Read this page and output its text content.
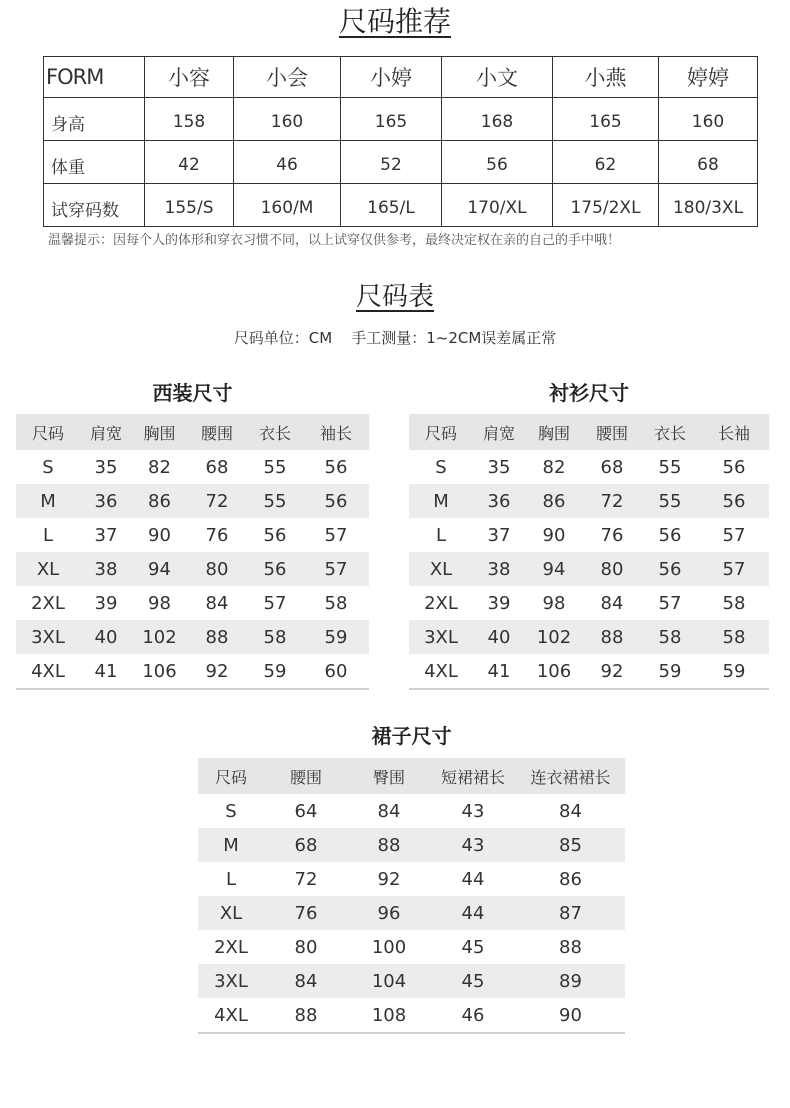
尺码推荐
FORM	小容	小会	小婷	小文	小燕	婷婷
身高	158	160	165	168	165	160
体重	42	46	52	56	62	68
试穿码数	155/S	160/M	165/L	170/XL	175/2XL	180/3XL
温馨提示：因每个人的体形和穿衣习惯不同，以上试穿仅供参考，最终决定权在亲的自己的手中哦！
尺码表
尺码单位：CM    手工测量：1~2CM误差属正常
西装尺寸
尺码	肩宽	胸围	腰围	衣长	袖长
S	35	82	68	55	56
M	36	86	72	55	56
L	37	90	76	56	57
XL	38	94	80	56	57
2XL	39	98	84	57	58
3XL	40	102	88	58	59
4XL	41	106	92	59	60
衬衫尺寸
尺码	肩宽	胸围	腰围	衣长	长袖
S	35	82	68	55	56
M	36	86	72	55	56
L	37	90	76	56	57
XL	38	94	80	56	57
2XL	39	98	84	57	58
3XL	40	102	88	58	58
4XL	41	106	92	59	59
裙子尺寸
尺码	腰围	臀围	短裙裙长	连衣裙裙长
S	64	84	43	84
M	68	88	43	85
L	72	92	44	86
XL	76	96	44	87
2XL	80	100	45	88
3XL	84	104	45	89
4XL	88	108	46	90
